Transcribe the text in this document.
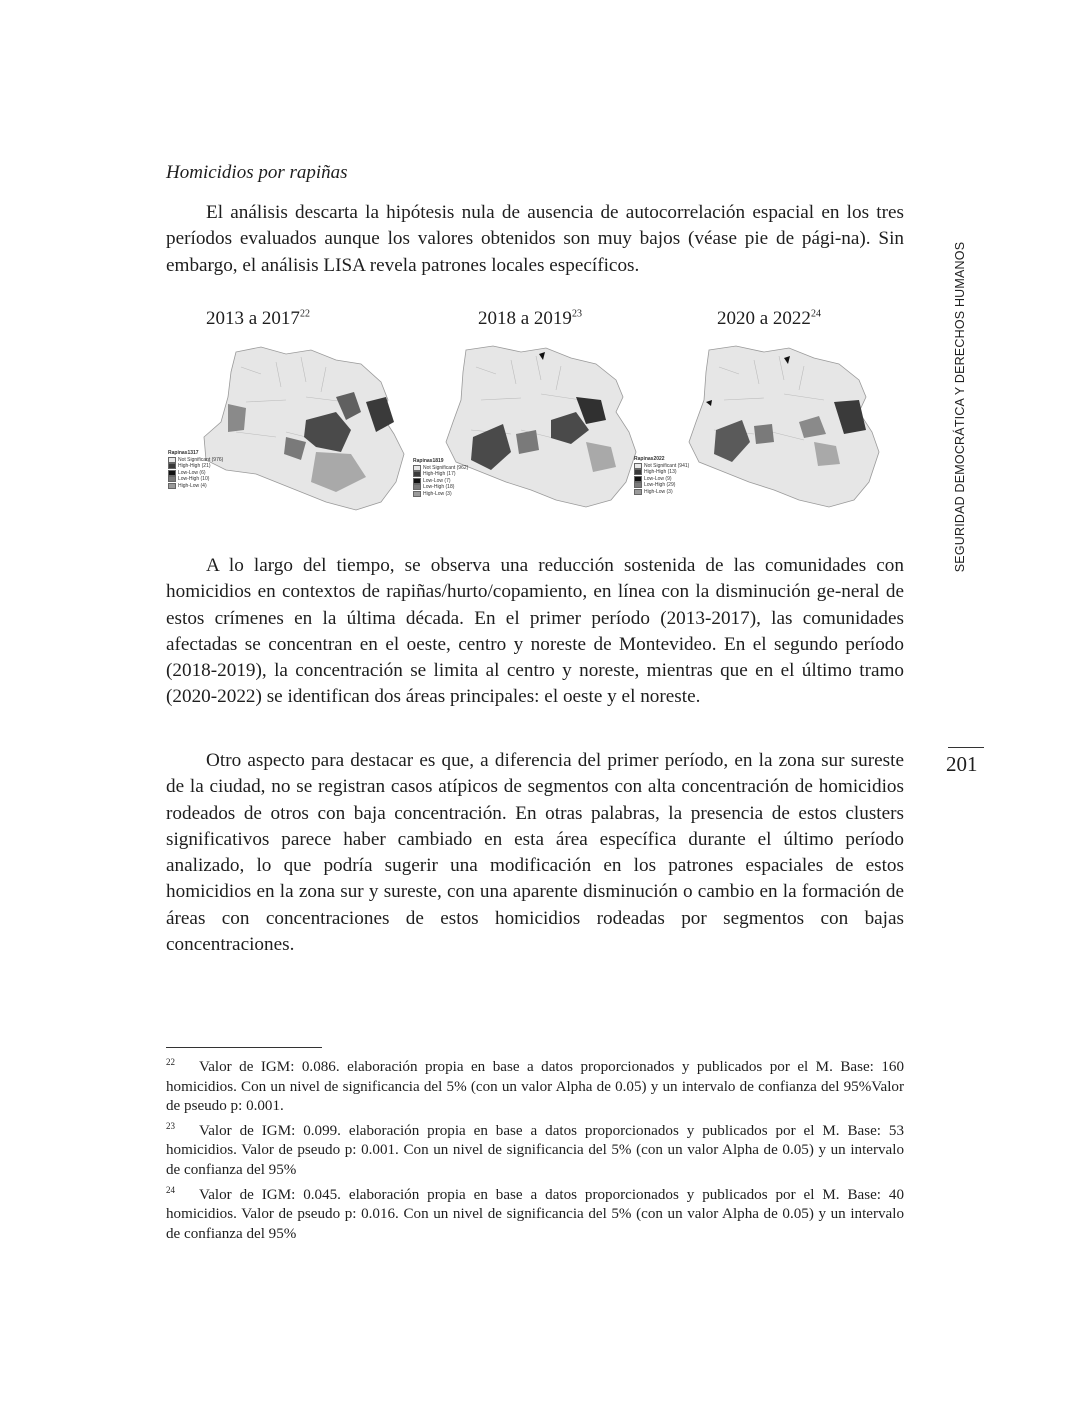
Homicidios por rapiñas

El análisis descarta la hipótesis nula de ausencia de autocorrelación espacial en los tres períodos evaluados aunque los valores obtenidos son muy bajos (véase pie de pági-na). Sin embargo, el análisis LISA revela patrones locales específicos.

2013 a 2017$^{22}$
Rapinas1317
Not Significant (976)
High-High (21)
Low-Low (6)
Low-High (10)
High-Low (4)
2018 a 2019$^{23}$
Rapinas1819
Not Significant (962)
High-High (17)
Low-Low (7)
Low-High (18)
High-Low (3)
2020 a 2022$^{24}$
Rapinas2022
Not Significant (941)
High-High (13)
Low-Low (9)
Low-High (29)
High-Low (3)

A lo largo del tiempo, se observa una reducción sostenida de las comunidades con homicidios en contextos de rapiñas/hurto/copamiento, en línea con la disminución ge-neral de estos crímenes en la última década. En el primer período (2013-2017), las comunidades afectadas se concentran en el oeste, centro y noreste de Montevideo. En el segundo período (2018-2019), la concentración se limita al centro y noreste, mientras que en el último tramo (2020-2022) se identifican dos áreas principales: el oeste y el noreste.

Otro aspecto para destacar es que, a diferencia del primer período, en la zona sur sureste de la ciudad, no se registran casos atípicos de segmentos con alta concentración de homicidios rodeados de otros con baja concentración. En otras palabras, la presencia de estos clusters significativos parece haber cambiado en esta área específica durante el último período analizado, lo que podría sugerir una modificación en los patrones espaciales de estos homicidios en la zona sur y sureste, con una aparente disminución o cambio en la formación de áreas con concentraciones de estos homicidios rodeadas por segmentos con bajas concentraciones.

SEGURIDAD DEMOCRÁTICA Y DERECHOS HUMANOS
201

$^{22}$ Valor de IGM: 0.086. elaboración propia en base a datos proporcionados y publicados por el M. Base: 160 homicidios. Con un nivel de significancia del 5% (con un valor Alpha de 0.05) y un intervalo de confianza del 95%Valor de pseudo p: 0.001.

$^{23}$ Valor de IGM: 0.099. elaboración propia en base a datos proporcionados y publicados por el M. Base: 53 homicidios. Valor de pseudo p: 0.001. Con un nivel de significancia del 5% (con un valor Alpha de 0.05) y un intervalo de confianza del 95%

$^{24}$ Valor de IGM: 0.045. elaboración propia en base a datos proporcionados y publicados por el M. Base: 40 homicidios. Valor de pseudo p: 0.016. Con un nivel de significancia del 5% (con un valor Alpha de 0.05) y un intervalo de confianza del 95%
